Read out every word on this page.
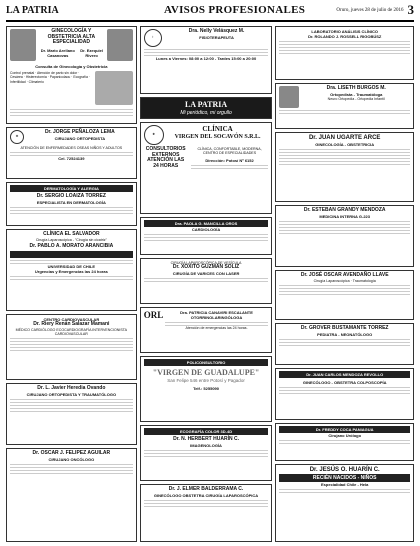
LA PATRIA	AVISOS PROFESIONALES	Oruro, jueves 28 de julio de 2016 3
GINECOLOGÍA Y OBSTETRICIA ALTA ESPECIALIDAD
Dr. Mario Arellano Casanovas
Dr. Ezequiel Rivero
Consulta de Ginecología y Obstetricia
Control prenatal · Atención de parto sin dolor · Cesárea · Histerectomía · Papanicolaou · Ecografía · Infertilidad · Climaterio
✚
Dr. JORGE PEÑALOZA LEMA
CIRUJANO ORTOPEDISTA
ATENCIÓN DE ENFERMEDADES OSEAS NIÑOS Y ADULTOS
Cel. 72524139
DERMATOLOGÍA Y ALERGIA
Dr. SERGIO LOAIZA TORREZ
ESPECIALISTA EN DERMATOLOGÍA
CLÍNICA EL SALVADOR
Cirugía Laparoscópica - "Cirugía sin cicatriz"
Dr. PABLO A. MORATO ARANCIBIA

UNIVERSIDAD DE CHILE
Urgencias y Emergencias las 24 horas
CENTRO CARDIOVASCULAR
Dr. Riery Renán Salazar Mamani
MÉDICO CARDIÓLOGO ECOCARDIOGRAFÍA INTERVENCIONISTA CARDIOVASCULAR
Dr. L. Javier Heredia Ovando
CIRUJANO ORTOPEDISTA Y TRAUMATÓLOGO
Dr. OSCAR J. FELIPEZ AGUILAR
CIRUJANO ONCÓLOGO
⚕
Dra. Nelly Velásquez M.
FISIOTERAPEUTA
Lunes a Viernes: 08:00 a 12:00 - Tardes 15:00 a 20:00
LA PATRIA
Mi periódico, mi orgullo
✚
CLÍNICA
VIRGEN DEL SOCAVÓN S.R.L.
CONSULTORIOS EXTERNOS ATENCIÓN LAS 24 HORAS
CLÍNICA, CONFORTABLE, MODERNA, CENTRO DE ESPECIALIDADES
Dirección: Potosí Nº 6152
Dra. PAOLA G. MANCILLA OROS
CARDIOLOGÍA
CIRUGÍA LAPAROSCÓPICA DE VESÍCULA
Dr. XOXITO GUZMÁN SOLIZ
CIRUGÍA DE VARICES CON LASER
ORL	Dra. PATRICIA CANAVIRI ESCALANTE
OTORRINOLARINGÓLOGA
Atención de emergencias las 24 horas.
POLICONSULTORIO
"VIRGEN DE GUADALUPE"
San Felipe 546 entre Potosí y Pagador
Telf.: 5255090
ECOGRAFÍA COLOR 3D-4D
Dr. N. HERBERT HUARÍN C.
IMAGENOLOGÍA
Dr. J. ELMER BALDERRAMA C.
GINECÓLOGO OBSTETRA CIRUGÍA LAPAROSCÓPICA
LABORATORIO ANÁLISIS CLÍNICO
Dr. ROLANDO J. ROSSELL RIGOBÚSZ
Dra. LISETH BURGOS M.
Ortopedista - Traumatóloga
Neuro Ortopedia - Ortopedia Infantil
Dr. JUAN UGARTE ARCE
GINECOLOGÍA - OBSTETRICIA
Dr. ESTEBAN GRANDY MENDOZA
MEDICINA INTERNA G-223
Dr. JOSÉ OSCAR AVENDAÑO LLAVE
Cirugía Laparoscópica · Traumatología
Dr. GROVER BUSTAMANTE TORREZ
PEDIATRA - NEONATÓLOGO
Dr. JUAN CARLOS MENDOZA REVOLLO
GINECÓLOGO - OBSTETRA COLPOSCOPÍA
Dr. FREDDY COCA PANIAGUA
Cirujano Urólogo
Dr. JESÚS O. HUARÍN C.
RECIÉN NACIDOS - NIÑOS
Especialidad Chile - Hela
